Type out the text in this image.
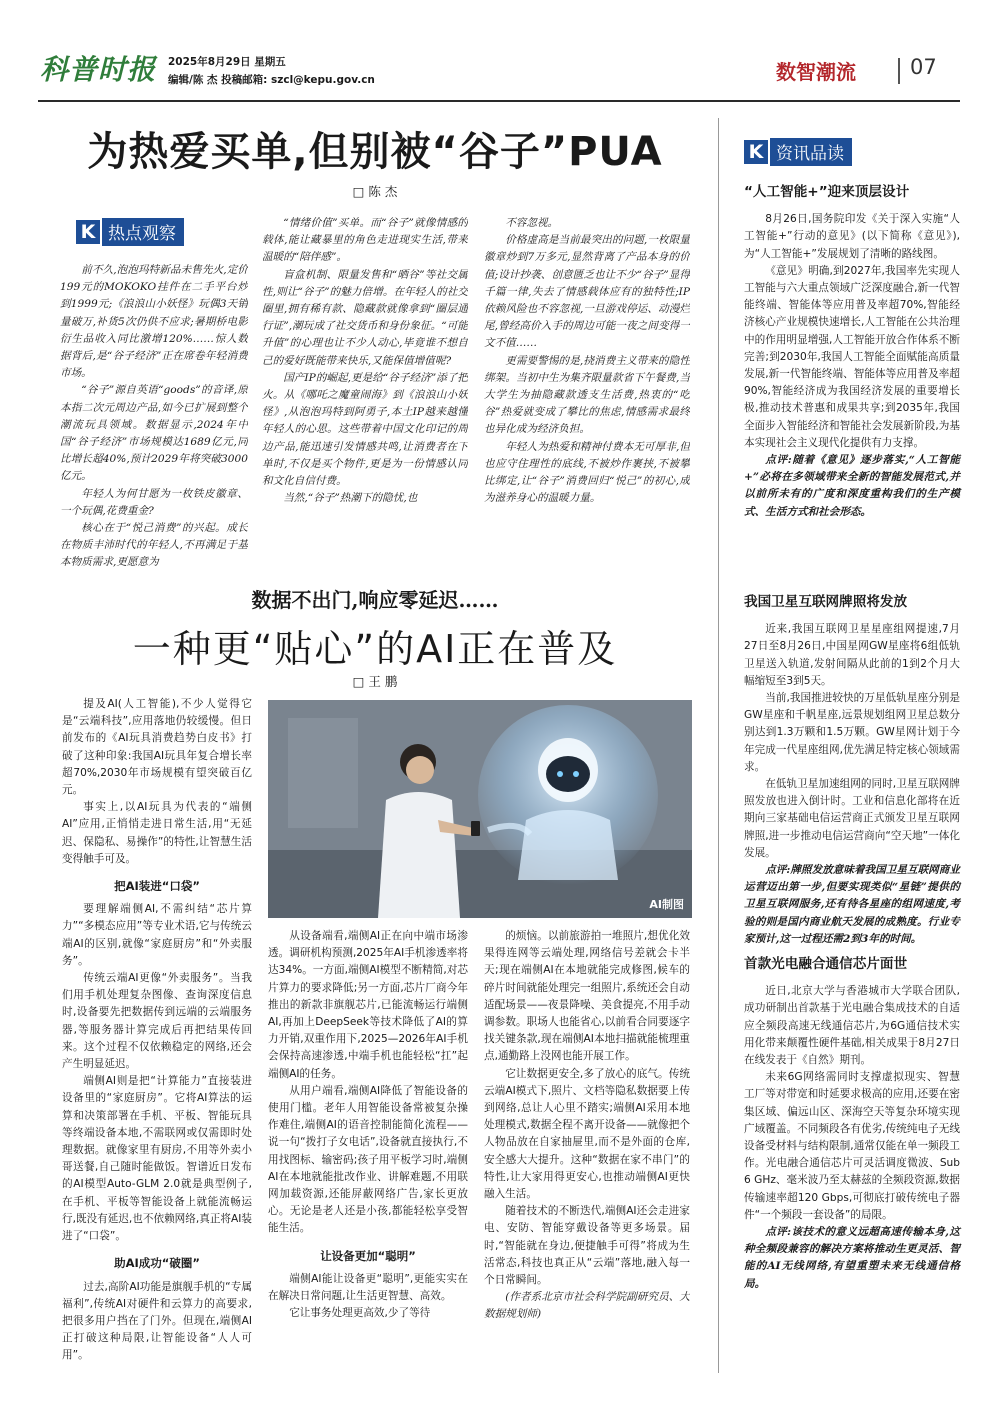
科普时报 2025年8月29日 星期五
编辑/陈 杰 投稿邮箱: szcl@kepu.gov.cn	数智潮流	07
为热爱买单,但别被“谷子”PUA
□ 陈 杰
K 热点观察

前不久,泡泡玛特新品未售先火,定价199元的MOKOKO挂件在二手平台炒到1999元;《浪浪山小妖怪》玩偶3天销量破万,补货5次仍供不应求;暑期桥电影衍生品收入同比激增120%……惊人数据背后,是“谷子经济”正在席卷年轻消费市场。

“谷子”源自英语“goods”的音译,原本指二次元周边产品,如今已扩展到整个潮流玩具领域。数据显示,2024年中国“谷子经济”市场规模达1689亿元,同比增长超40%,预计2029年将突破3000亿元。

年轻人为何甘愿为一枚铁皮徽章、一个玩偶,花费重金?

核心在于“悦己消费”的兴起。成长在物质丰沛时代的年轻人,不再满足于基本物质需求,更愿意为

“情绪价值”买单。而“谷子”就像情感的载体,能让藏暴里的角色走进现实生活,带来温暖的“陪伴感”。

盲盒机制、限量发售和“晒谷”等社交属性,则让“谷子”的魅力倍增。在年轻人的社交圈里,拥有稀有款、隐藏款就像拿到“圈层通行证”,潮玩成了社交货币和身份象征。“可能升值”的心理也让不少人动心,毕竟谁不想自己的爱好既能带来快乐,又能保值增值呢?

国产IP的崛起,更是给“谷子经济”添了把火。从《哪吒之魔童闹海》到《浪浪山小妖怪》,从泡泡玛特到阿勇子,本土IP越来越懂年轻人的心思。这些带着中国文化印记的周边产品,能迅速引发情感共鸣,让消费者在下单时,不仅是买个物件,更是为一份情感认同和文化自信付费。

当然,“谷子”热潮下的隐忧,也

不容忽视。

价格虚高是当前最突出的问题,一枚限量徽章炒到7万多元,显然背离了产品本身的价值;设计抄袭、创意匮乏也让不少“谷子”显得千篇一律,失去了情感载体应有的独特性;IP依赖风险也不容忽视,一旦游戏停运、动漫烂尾,曾经高价入手的周边可能一夜之间变得一文不值……

更需要警惕的是,挠消费主义带来的隐性绑架。当初中生为集齐限量款省下午餐费,当大学生为抽隐藏款透支生活费,热衷的“吃谷”热爱就变成了攀比的焦虑,情感需求最终也异化成为经济负担。

年轻人为热爱和精神付费本无可厚非,但也应守住理性的底线,不被炒作裹挟,不被攀比绑定,让“谷子”消费回归“悦己”的初心,成为滋养身心的温暖力量。

数据不出门,响应零延迟……
一种更“贴心”的AI正在普及
□ 王 鹏
AI制图

提及AI(人工智能),不少人觉得它是“云端科技”,应用落地仍较缓慢。但日前发布的《AI玩具消费趋势白皮书》打破了这种印象:我国AI玩具年复合增长率超70%,2030年市场规模有望突破百亿元。

事实上,以AI玩具为代表的“端侧AI”应用,正悄悄走进日常生活,用“无延迟、保隐私、易操作”的特性,让智慧生活变得触手可及。

把AI装进“口袋”

要理解端侧AI,不需纠结“芯片算力”“多模态应用”等专业术语,它与传统云端AI的区别,就像“家庭厨房”和“外卖服务”。

传统云端AI更像“外卖服务”。当我们用手机处理复杂图像、查询深度信息时,设备要先把数据传到远端的云端服务器,等服务器计算完成后再把结果传回来。这个过程不仅依赖稳定的网络,还会产生明显延迟。

端侧AI则是把“计算能力”直接装进设备里的“家庭厨房”。它将AI算法的运算和决策部署在手机、平板、智能玩具等终端设备本地,不需联网或仅需即时处理数据。就像家里有厨房,不用等外卖小哥送餐,自己随时能做饭。智谱近日发布的AI模型Auto-GLM 2.0就是典型例子,在手机、平板等智能设备上就能流畅运行,既没有延迟,也不依赖网络,真正将AI装进了“口袋”。

助AI成功“破圈”

过去,高阶AI功能是旗舰手机的“专属福利”,传统AI对硬件和云算力的高要求,把很多用户挡在了门外。但现在,端侧AI正打破这种局限,让智能设备“人人可用”。

从设备端看,端侧AI正在向中端市场渗透。调研机构预测,2025年AI手机渗透率将达34%。一方面,端侧AI模型不断精简,对芯片算力的要求降低;另一方面,芯片厂商今年推出的新款非旗舰芯片,已能流畅运行端侧AI,再加上DeepSeek等技术降低了AI的算力开销,双重作用下,2025—2026年AI手机会保持高速渗透,中端手机也能轻松“扛”起端侧AI的任务。

从用户端看,端侧AI降低了智能设备的使用门槛。老年人用智能设备常被复杂操作难住,端侧AI的语音控制能简化流程——说一句“拨打子女电话”,设备就直接执行,不用找图标、输密码;孩子用平板学习时,端侧AI在本地就能批改作业、讲解难题,不用联网加载资源,还能屏蔽网络广告,家长更放心。无论是老人还是小孩,都能轻松享受智能生活。

让设备更加“聪明”

端侧AI能让设备更“聪明”,更能实实在在解决日常问题,让生活更智慧、高效。

它让事务处理更高效,少了等待

的烦恼。以前旅游拍一堆照片,想优化效果得连网等云端处理,网络信号差就会卡半天;现在端侧AI在本地就能完成修图,候车的碎片时间就能处理完一组照片,系统还会自动适配场景——夜景降噪、美食提亮,不用手动调参数。职场人也能省心,以前看合同要逐字找关键条款,现在端侧AI本地扫描就能梳理重点,通勤路上没网也能开展工作。

它让数据更安全,多了放心的底气。传统云端AI模式下,照片、文档等隐私数据要上传到网络,总让人心里不踏实;端侧AI采用本地处理模式,数据全程不离开设备——就像把个人物品放在自家抽屉里,而不是外面的仓库,安全感大大提升。这种“数据在家不串门”的特性,让大家用得更安心,也推动端侧AI更快融入生活。

随着技术的不断迭代,端侧AI还会走进家电、安防、智能穿戴设备等更多场景。届时,“智能就在身边,便捷触手可得”将成为生活常态,科技也真正从“云端”落地,融入每一个日常瞬间。

(作者系北京市社会科学院副研究员、大数据规划师)

K 资讯品读
“人工智能+”迎来顶层设计

8月26日,国务院印发《关于深入实施“人工智能+”行动的意见》(以下简称《意见》),为“人工智能+”发展规划了清晰的路线图。

《意见》明确,到2027年,我国率先实现人工智能与六大重点领域广泛深度融合,新一代智能终端、智能体等应用普及率超70%,智能经济核心产业规模快速增长,人工智能在公共治理中的作用明显增强,人工智能开放合作体系不断完善;到2030年,我国人工智能全面赋能高质量发展,新一代智能终端、智能体等应用普及率超90%,智能经济成为我国经济发展的重要增长极,推动技术普惠和成果共享;到2035年,我国全面步入智能经济和智能社会发展新阶段,为基本实现社会主义现代化提供有力支撑。

点评:随着《意见》逐步落实,“人工智能+”必将在多领域带来全新的智能发展范式,并以前所未有的广度和深度重构我们的生产模式、生活方式和社会形态。

我国卫星互联网牌照将发放

近来,我国互联网卫星星座组网提速,7月27日至8月26日,中国星网GW星座将6组低轨卫星送入轨道,发射间隔从此前的1到2个月大幅缩短至3到5天。

当前,我国推进较快的万星低轨星座分别是GW星座和千帆星座,远景规划组网卫星总数分别达到1.3万颗和1.5万颗。GW星网计划于今年完成一代星座组网,优先满足特定核心领域需求。

在低轨卫星加速组网的同时,卫星互联网牌照发放也进入倒计时。工业和信息化部将在近期向三家基础电信运营商正式颁发卫星互联网牌照,进一步推动电信运营商向“空天地”一体化发展。

点评:牌照发放意味着我国卫星互联网商业运营迈出第一步,但要实现类似“星链”提供的卫星互联网服务,还有待各星座的组网速度,考验的则是国内商业航天发展的成熟度。行业专家预计,这一过程还需2到3年的时间。

首款光电融合通信芯片面世

近日,北京大学与香港城市大学联合团队,成功研制出首款基于光电融合集成技术的自适应全频段高速无线通信芯片,为6G通信技术实用化带来颠覆性硬件基础,相关成果于8月27日在线发表于《自然》期刊。

未来6G网络需同时支撑虚拟现实、智慧工厂等对带宽和时延要求极高的应用,还要在密集区域、偏远山区、深海空天等复杂环境实现广域覆盖。不同频段各有优劣,传统纯电子无线设备受材料与结构限制,通常仅能在单一频段工作。光电融合通信芯片可灵活调度微波、Sub 6 GHz、毫米波乃至太赫兹的全频段资源,数据传输速率超120 Gbps,可彻底打破传统电子器件“一个频段一套设备”的局限。

点评:该技术的意义远超高速传输本身,这种全频段兼容的解决方案将推动生更灵活、智能的AI无线网络,有望重塑未来无线通信格局。
